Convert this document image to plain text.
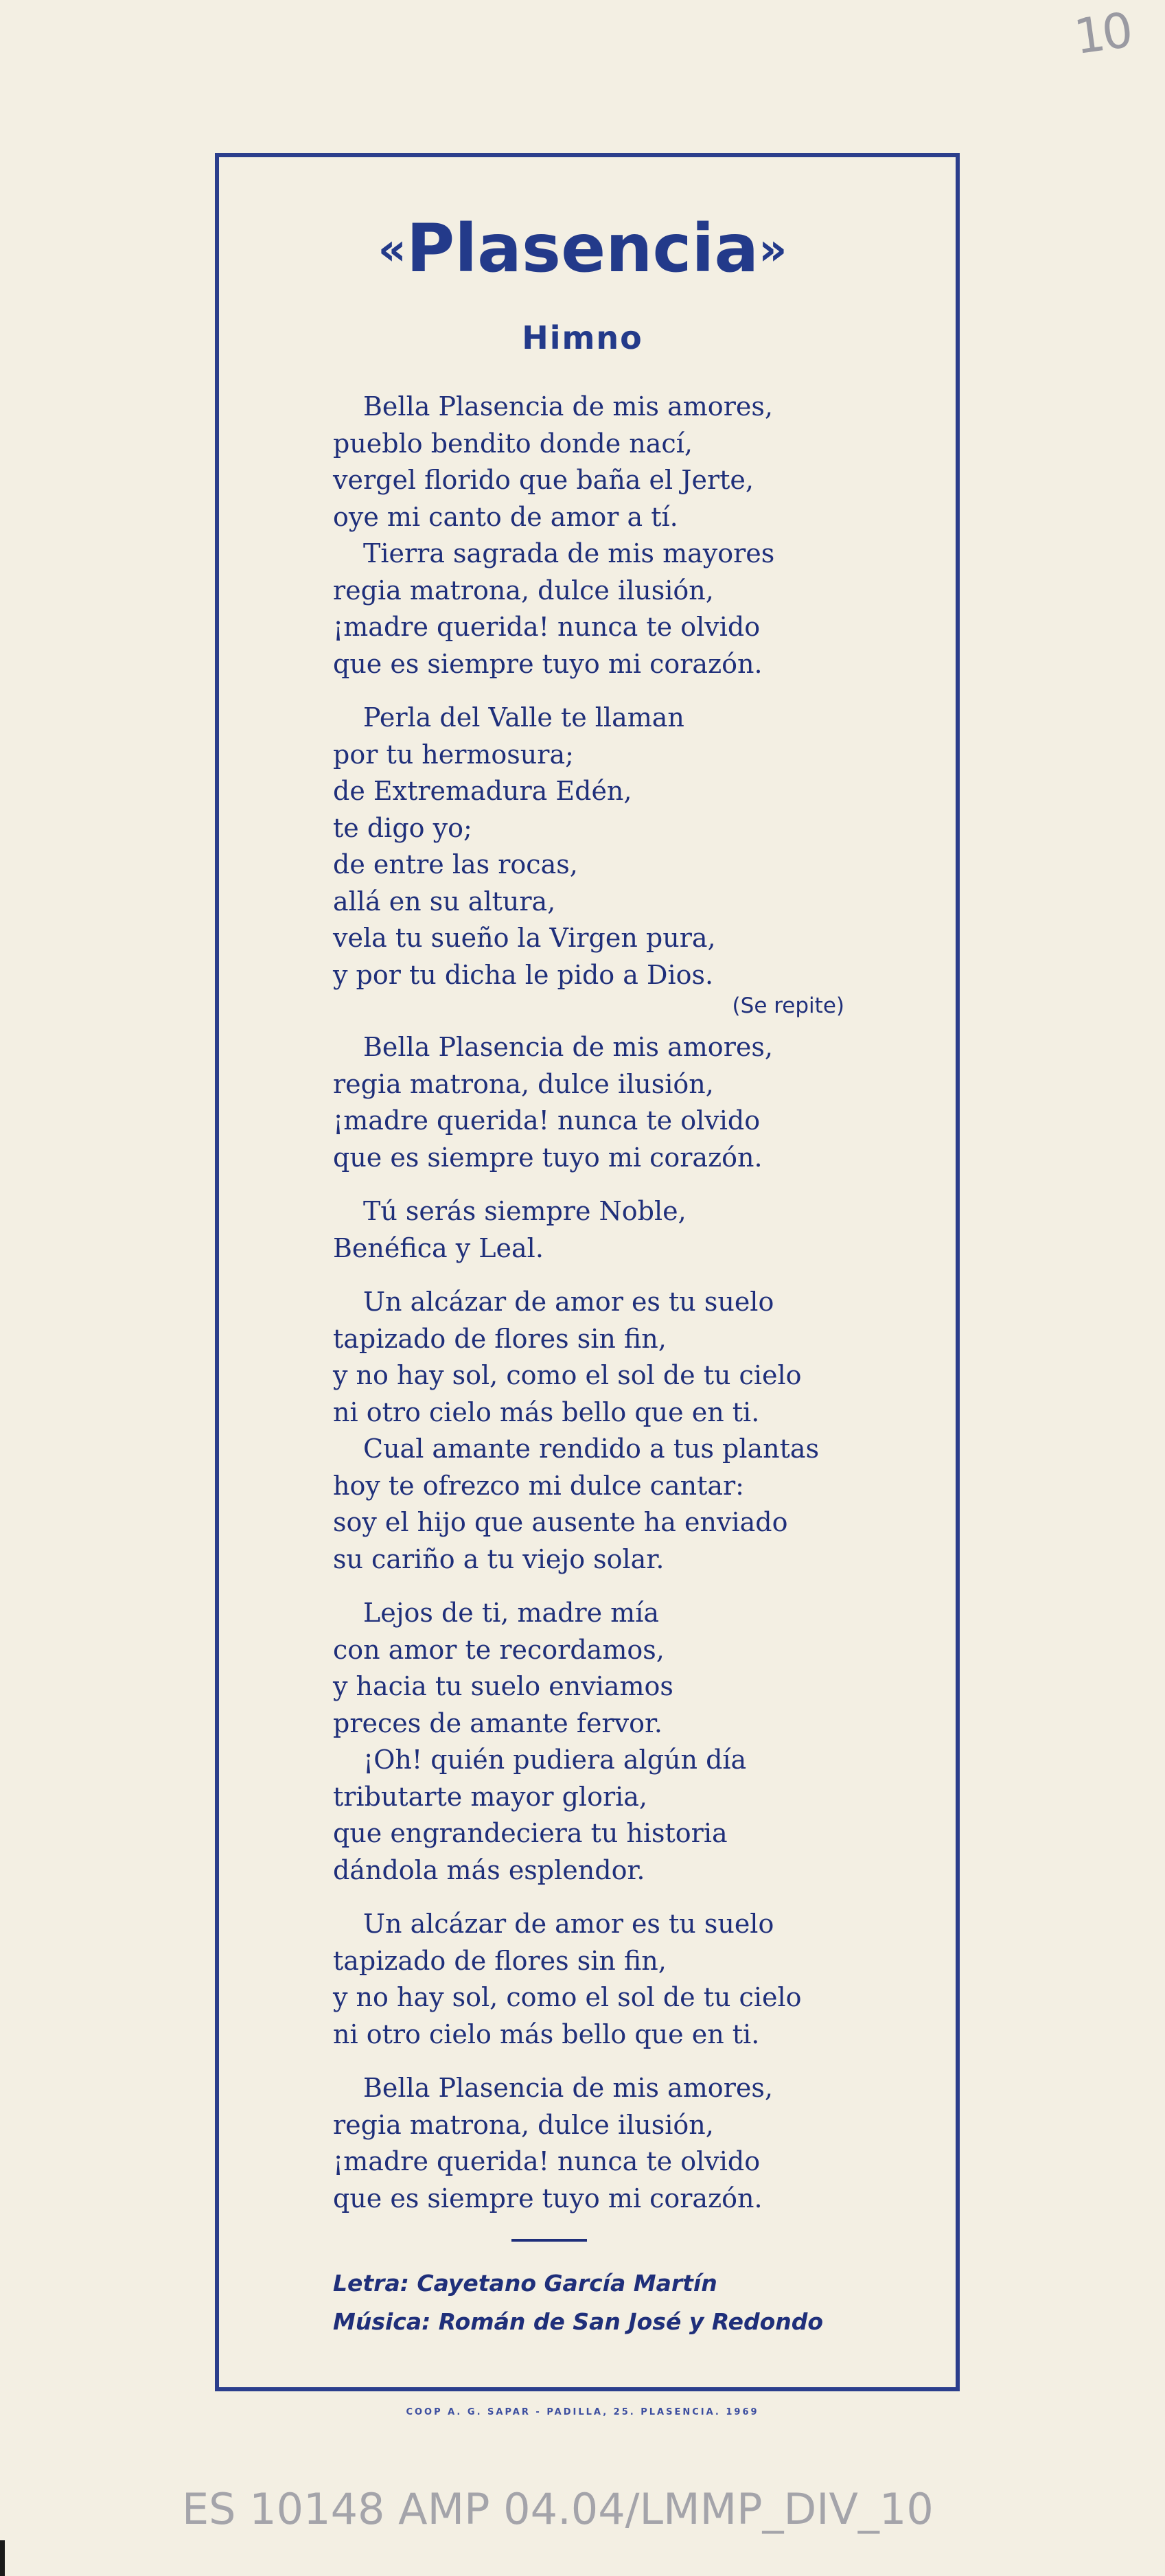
10
«Plasencia»
Himno
Bella Plasencia de mis amores,
pueblo bendito donde nací,
vergel florido que baña el Jerte,
oye mi canto de amor a tí.
Tierra sagrada de mis mayores
regia matrona, dulce ilusión,
¡madre querida! nunca te olvido
que es siempre tuyo mi corazón.
Perla del Valle te llaman
por tu hermosura;
de Extremadura Edén,
te digo yo;
de entre las rocas,
allá en su altura,
vela tu sueño la Virgen pura,
y por tu dicha le pido a Dios.
(Se repite)
Bella Plasencia de mis amores,
regia matrona, dulce ilusión,
¡madre querida! nunca te olvido
que es siempre tuyo mi corazón.
Tú serás siempre Noble,
Benéfica y Leal.
Un alcázar de amor es tu suelo
tapizado de flores sin fin,
y no hay sol, como el sol de tu cielo
ni otro cielo más bello que en ti.
Cual amante rendido a tus plantas
hoy te ofrezco mi dulce cantar:
soy el hijo que ausente ha enviado
su cariño a tu viejo solar.
Lejos de ti, madre mía
con amor te recordamos,
y hacia tu suelo enviamos
preces de amante fervor.
¡Oh! quién pudiera algún día
tributarte mayor gloria,
que engrandeciera tu historia
dándola más esplendor.
Un alcázar de amor es tu suelo
tapizado de flores sin fin,
y no hay sol, como el sol de tu cielo
ni otro cielo más bello que en ti.
Bella Plasencia de mis amores,
regia matrona, dulce ilusión,
¡madre querida! nunca te olvido
que es siempre tuyo mi corazón.
Letra: Cayetano García Martín
Música: Román de San José y Redondo
COOP A. G. SAPAR - PADILLA, 25. PLASENCIA. 1969
ES 10148 AMP 04.04/LMMP_DIV_10
